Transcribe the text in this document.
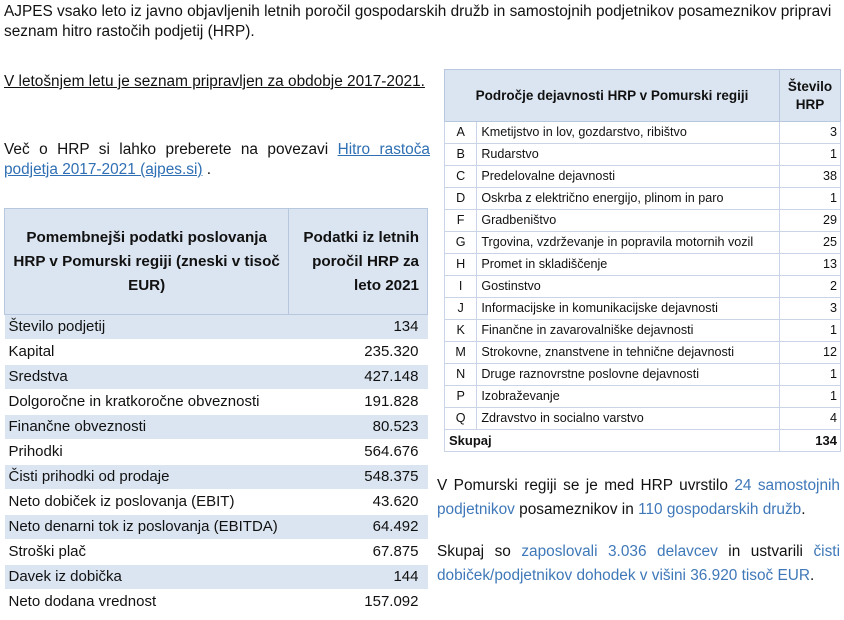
AJPES vsako leto iz javno objavljenih letnih poročil gospodarskih družb in samostojnih podjetnikov posameznikov pripravi seznam hitro rastočih podjetij (HRP).
V letošnjem letu je seznam pripravljen za obdobje 2017-2021.
Več o HRP si lahko preberete na povezavi Hitro rastoča podjetja 2017-2021 (ajpes.si) .
Pomembnejši podatki poslovanja HRP v Pomurski regiji (zneski v tisoč EUR)	Podatki iz letnih poročil HRP za leto 2021
Število podjetij	134
Kapital	235.320
Sredstva	427.148
Dolgoročne in kratkoročne obveznosti	191.828
Finančne obveznosti	80.523
Prihodki	564.676
Čisti prihodki od prodaje	548.375
Neto dobiček iz poslovanja (EBIT)	43.620
Neto denarni tok iz poslovanja (EBITDA)	64.492
Stroški plač	67.875
Davek iz dobička	144
Neto dodana vrednost	157.092
Področje dejavnosti HRP v Pomurski regiji		Število HRP
A	Kmetijstvo in lov, gozdarstvo, ribištvo	3
B	Rudarstvo	1
C	Predelovalne dejavnosti	38
D	Oskrba z električno energijo, plinom in paro	1
F	Gradbeništvo	29
G	Trgovina, vzdrževanje in popravila motornih vozil	25
H	Promet in skladiščenje	13
I	Gostinstvo	2
J	Informacijske in komunikacijske dejavnosti	3
K	Finančne in zavarovalniške dejavnosti	1
M	Strokovne, znanstvene in tehnične dejavnosti	12
N	Druge raznovrstne poslovne dejavnosti	1
P	Izobraževanje	1
Q	Zdravstvo in socialno varstvo	4
Skupaj		134
V Pomurski regiji se je med HRP uvrstilo 24 samostojnih podjetnikov posameznikov in 110 gospodarskih družb.
Skupaj so zaposlovali 3.036 delavcev in ustvarili čisti dobiček/podjetnikov dohodek v višini 36.920 tisoč EUR.
